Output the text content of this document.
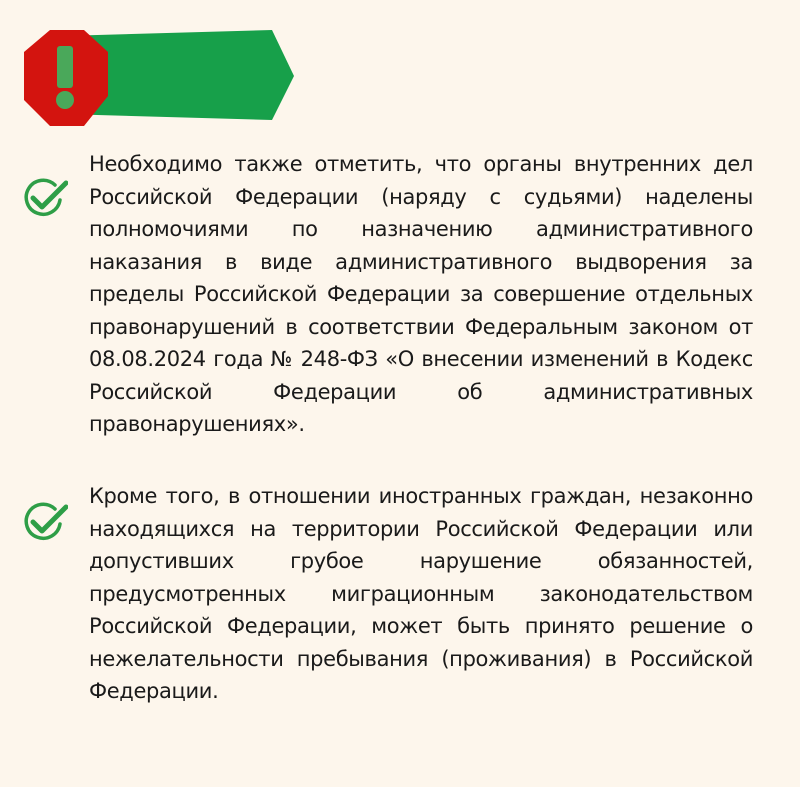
Необходимо также отметить, что органы внутренних дел Российской Федерации (наряду с судьями) наделены полномочиями по назначению административного наказания в виде административного выдворения за пределы Российской Федерации за совершение отдельных правонарушений в соответствии Федеральным законом от 08.08.2024 года № 248-ФЗ «О внесении изменений в Кодекс Российской Федерации об административных правонарушениях».

Кроме того, в отношении иностранных граждан, незаконно находящихся на территории Российской Федерации или допустивших грубое нарушение обязанностей, предусмотренных миграционным законодательством Российской Федерации, может быть принято решение о нежелательности пребывания (проживания) в Российской Федерации.
